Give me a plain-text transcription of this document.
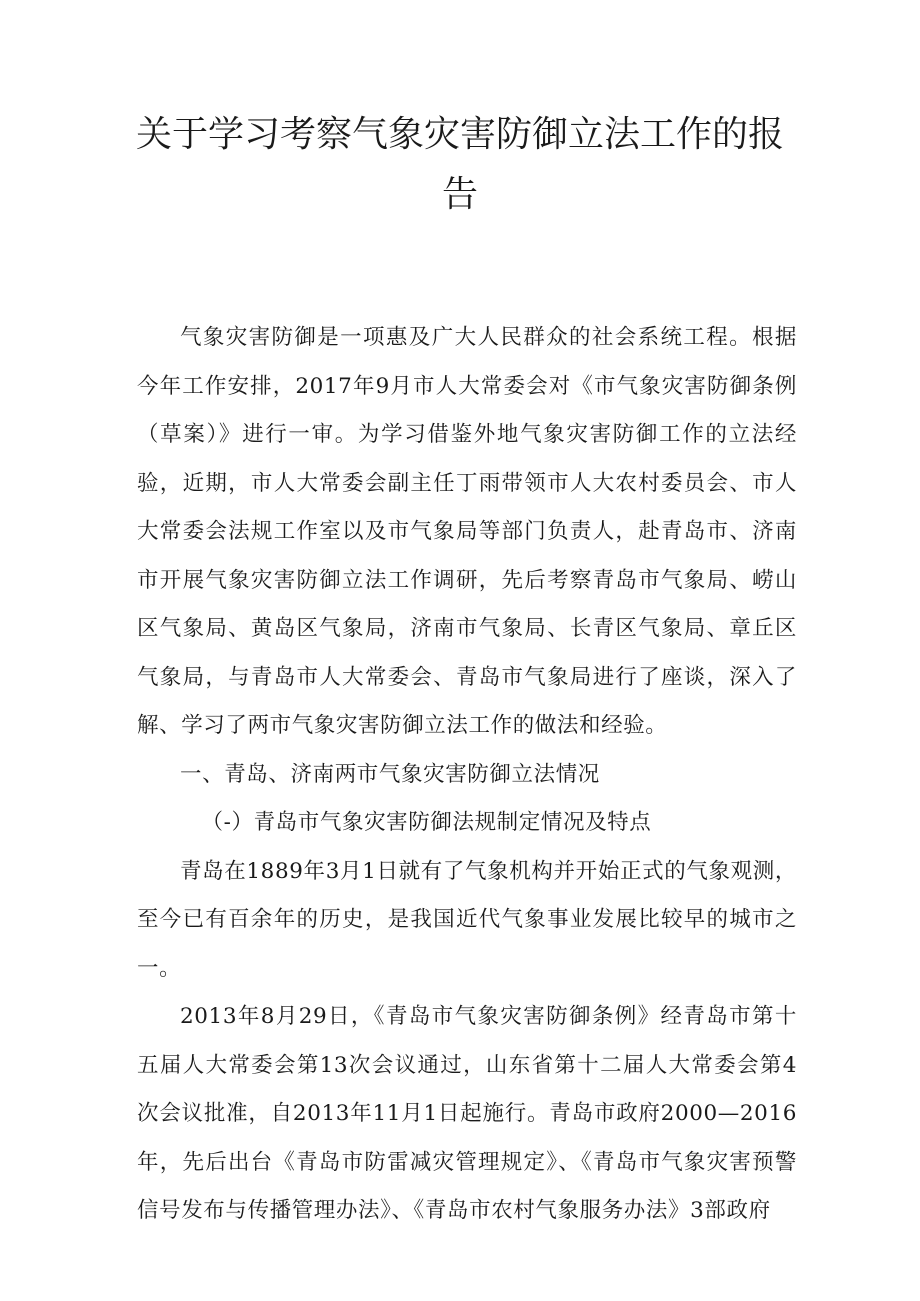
关于学习考察气象灾害防御立法工作的报
告

气象灾害防御是一项惠及广大人民群众的社会系统工程。根据今年工作安排，2017年9月市人大常委会对《市气象灾害防御条例（草案）》进行一审。为学习借鉴外地气象灾害防御工作的立法经验，近期，市人大常委会副主任丁雨带领市人大农村委员会、市人大常委会法规工作室以及市气象局等部门负责人，赴青岛市、济南市开展气象灾害防御立法工作调研，先后考察青岛市气象局、崂山区气象局、黄岛区气象局，济南市气象局、长青区气象局、章丘区气象局，与青岛市人大常委会、青岛市气象局进行了座谈，深入了解、学习了两市气象灾害防御立法工作的做法和经验。

一、青岛、济南两市气象灾害防御立法情况

（-）青岛市气象灾害防御法规制定情况及特点

青岛在1889年3月1日就有了气象机构并开始正式的气象观测，至今已有百余年的历史，是我国近代气象事业发展比较早的城市之一。

2013年8月29日，《青岛市气象灾害防御条例》经青岛市第十五届人大常委会第13次会议通过，山东省第十二届人大常委会第4次会议批准，自2013年11月1日起施行。青岛市政府2000—2016年，先后出台《青岛市防雷减灾管理规定》、《青岛市气象灾害预警信号发布与传播管理办法》、《青岛市农村气象服务办法》3部政府
